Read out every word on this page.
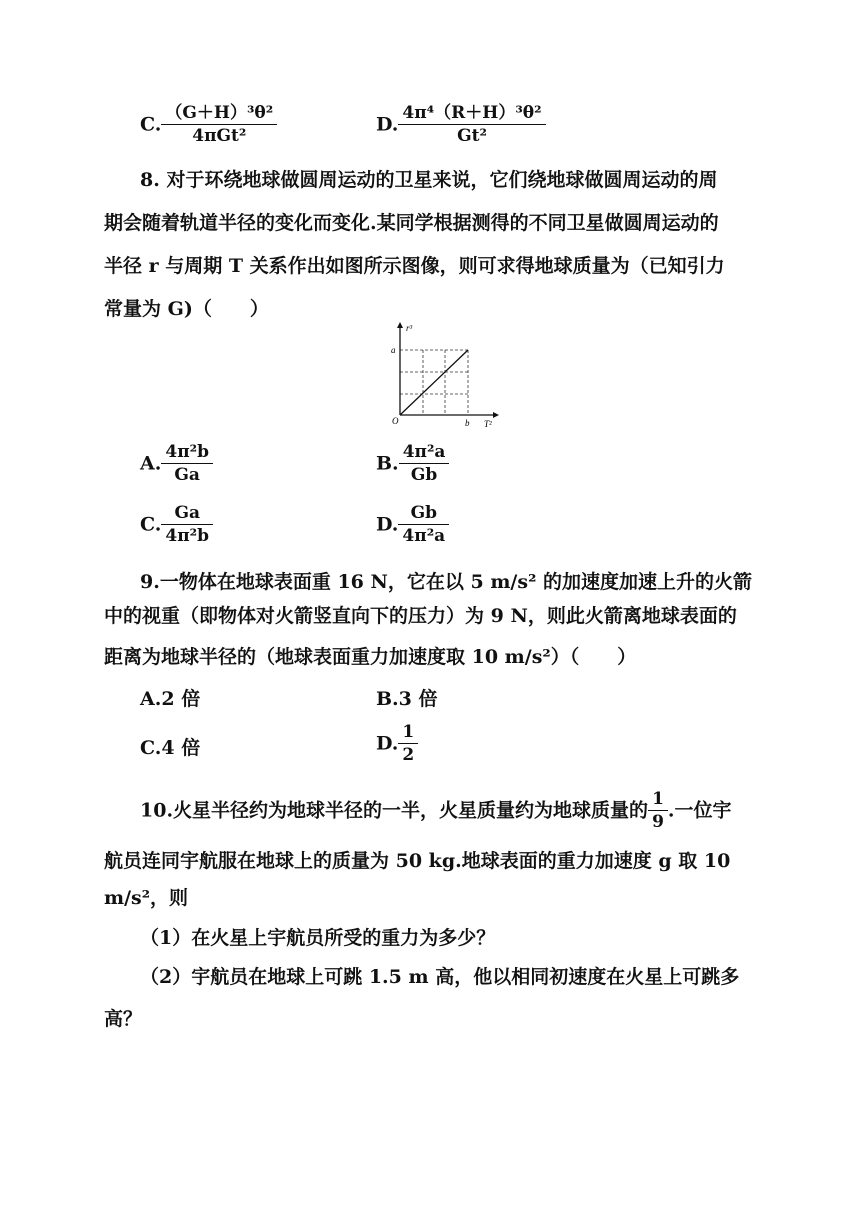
C. $\frac{\text{（G＋H）³θ²}}{\text{4πGt²}}$	D. $\frac{\text{4π⁴（R＋H）³θ²}}{\text{Gt²}}$
8. 对于环绕地球做圆周运动的卫星来说，它们绕地球做圆周运动的周
期会随着轨道半径的变化而变化.某同学根据测得的不同卫星做圆周运动的
半径 r 与周期 T 关系作出如图所示图像，则可求得地球质量为（已知引力
常量为 G)（　　）
r³
T²
O
a
b
A. $\frac{\text{4π²b}}{Ga}$	B. $\frac{\text{4π²a}}{Gb}$
C. $\frac{Ga}{\text{4π²b}}$	D. $\frac{Gb}{\text{4π²a}}$
9.一物体在地球表面重 16 N，它在以 5 m/s² 的加速度加速上升的火箭
中的视重（即物体对火箭竖直向下的压力）为 9 N，则此火箭离地球表面的
距离为地球半径的（地球表面重力加速度取 10 m/s²）（　　）
A.2 倍	B.3 倍
C.4 倍	D. $\frac{1}{2}$
10.火星半径约为地球半径的一半，火星质量约为地球质量的 $\frac{1}{9}$ .一位宇
航员连同宇航服在地球上的质量为 50 kg.地球表面的重力加速度 g 取 10
m/s²，则
（1）在火星上宇航员所受的重力为多少？
（2）宇航员在地球上可跳 1.5 m 高，他以相同初速度在火星上可跳多
高？
